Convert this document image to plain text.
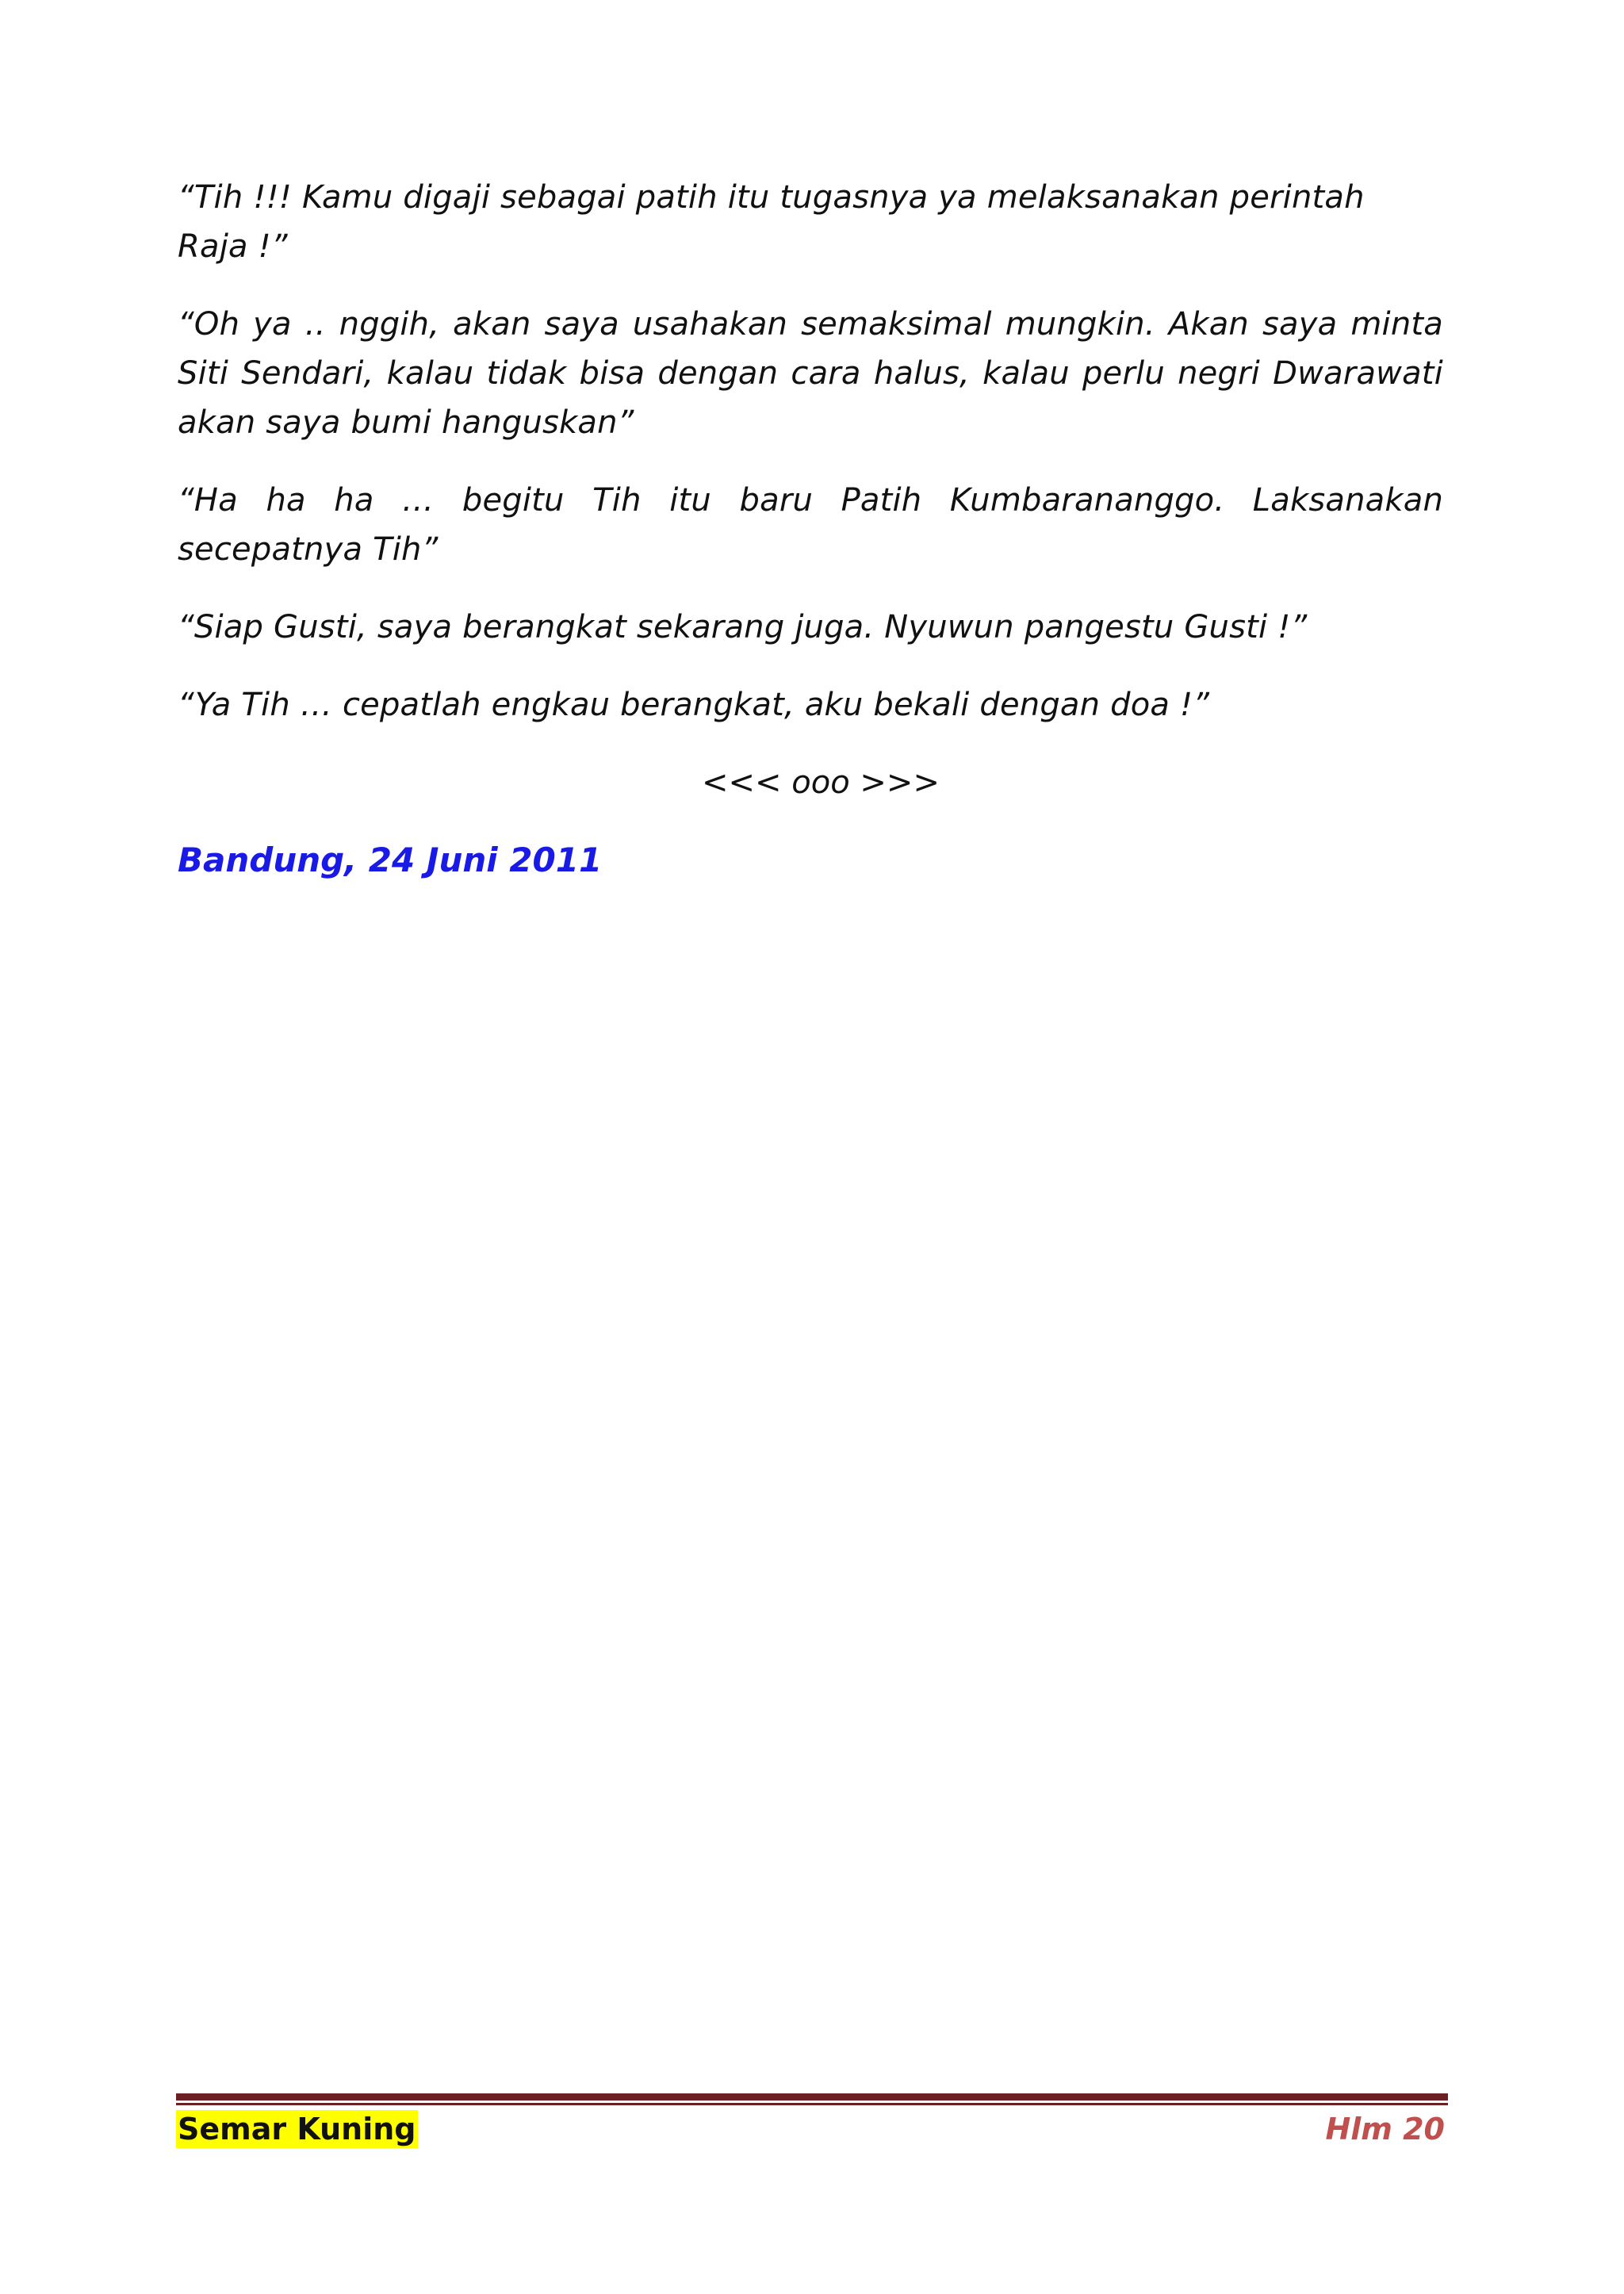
“Tih !!! Kamu digaji sebagai patih itu tugasnya ya melaksanakan perintah Raja !”

“Oh ya .. nggih, akan saya usahakan semaksimal mungkin. Akan saya minta Siti Sendari, kalau tidak bisa dengan cara halus, kalau perlu negri Dwarawati akan saya bumi hanguskan”

“Ha ha ha … begitu Tih itu baru Patih Kumbarananggo. Laksanakan secepatnya Tih”

“Siap Gusti, saya berangkat sekarang juga. Nyuwun pangestu Gusti !”

“Ya Tih … cepatlah engkau berangkat, aku bekali dengan doa !”

<<< ooo >>>

Bandung, 24 Juni 2011

Semar Kuning	Hlm 20
